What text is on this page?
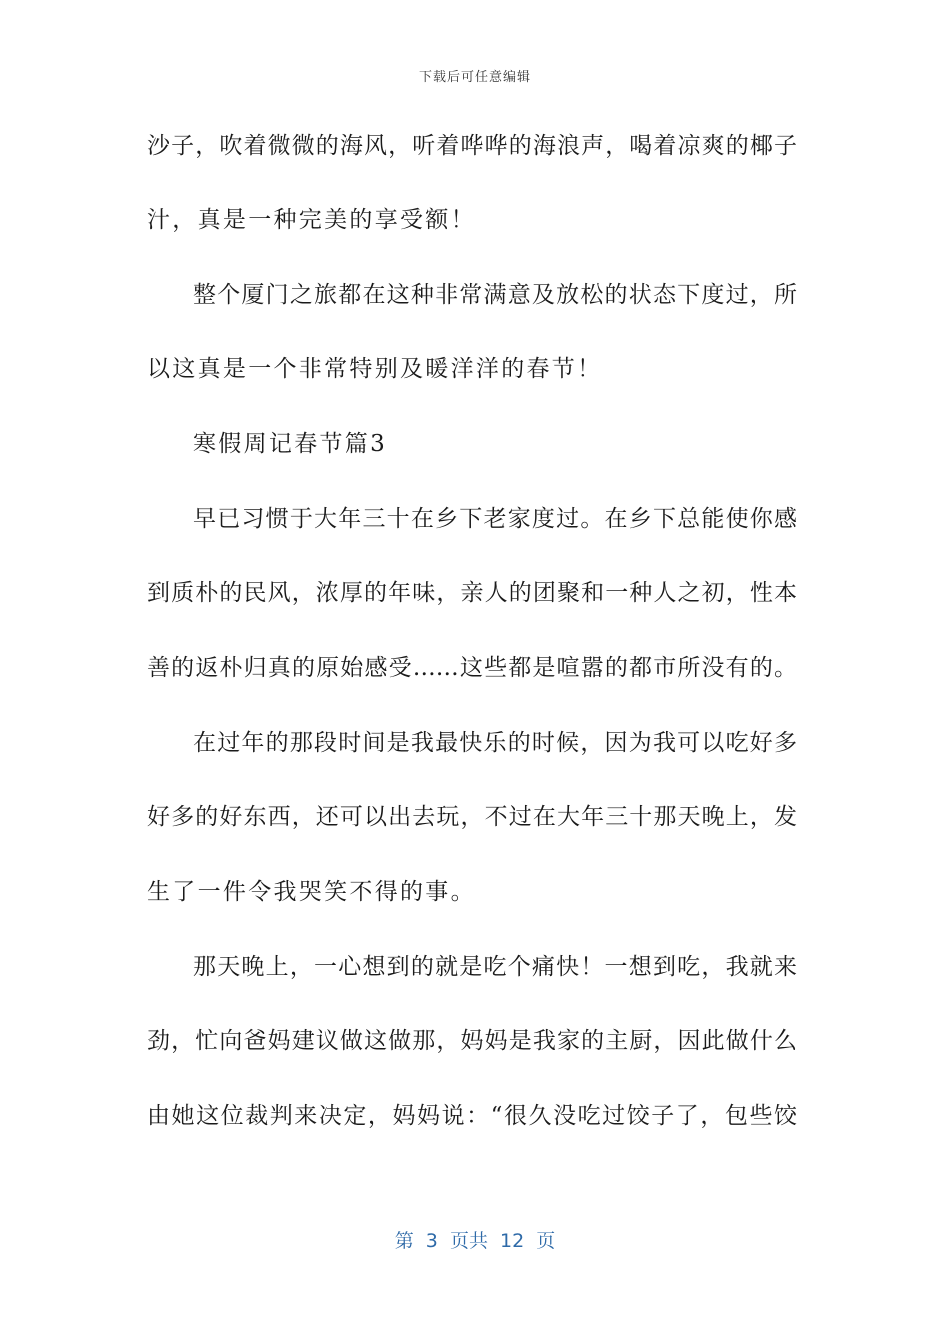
下载后可任意编辑
沙子，吹着微微的海风，听着哗哗的海浪声，喝着凉爽的椰子
汁，真是一种完美的享受额！
整个厦门之旅都在这种非常满意及放松的状态下度过，所
以这真是一个非常特别及暖洋洋的春节！
寒假周记春节篇3
早已习惯于大年三十在乡下老家度过。在乡下总能使你感
到质朴的民风，浓厚的年味，亲人的团聚和一种人之初，性本
善的返朴归真的原始感受……这些都是喧嚣的都市所没有的。
在过年的那段时间是我最快乐的时候，因为我可以吃好多
好多的好东西，还可以出去玩，不过在大年三十那天晚上，发
生了一件令我哭笑不得的事。
那天晚上，一心想到的就是吃个痛快！一想到吃，我就来
劲，忙向爸妈建议做这做那，妈妈是我家的主厨，因此做什么
由她这位裁判来决定，妈妈说：“很久没吃过饺子了，包些饺
第  3  页共  12  页
